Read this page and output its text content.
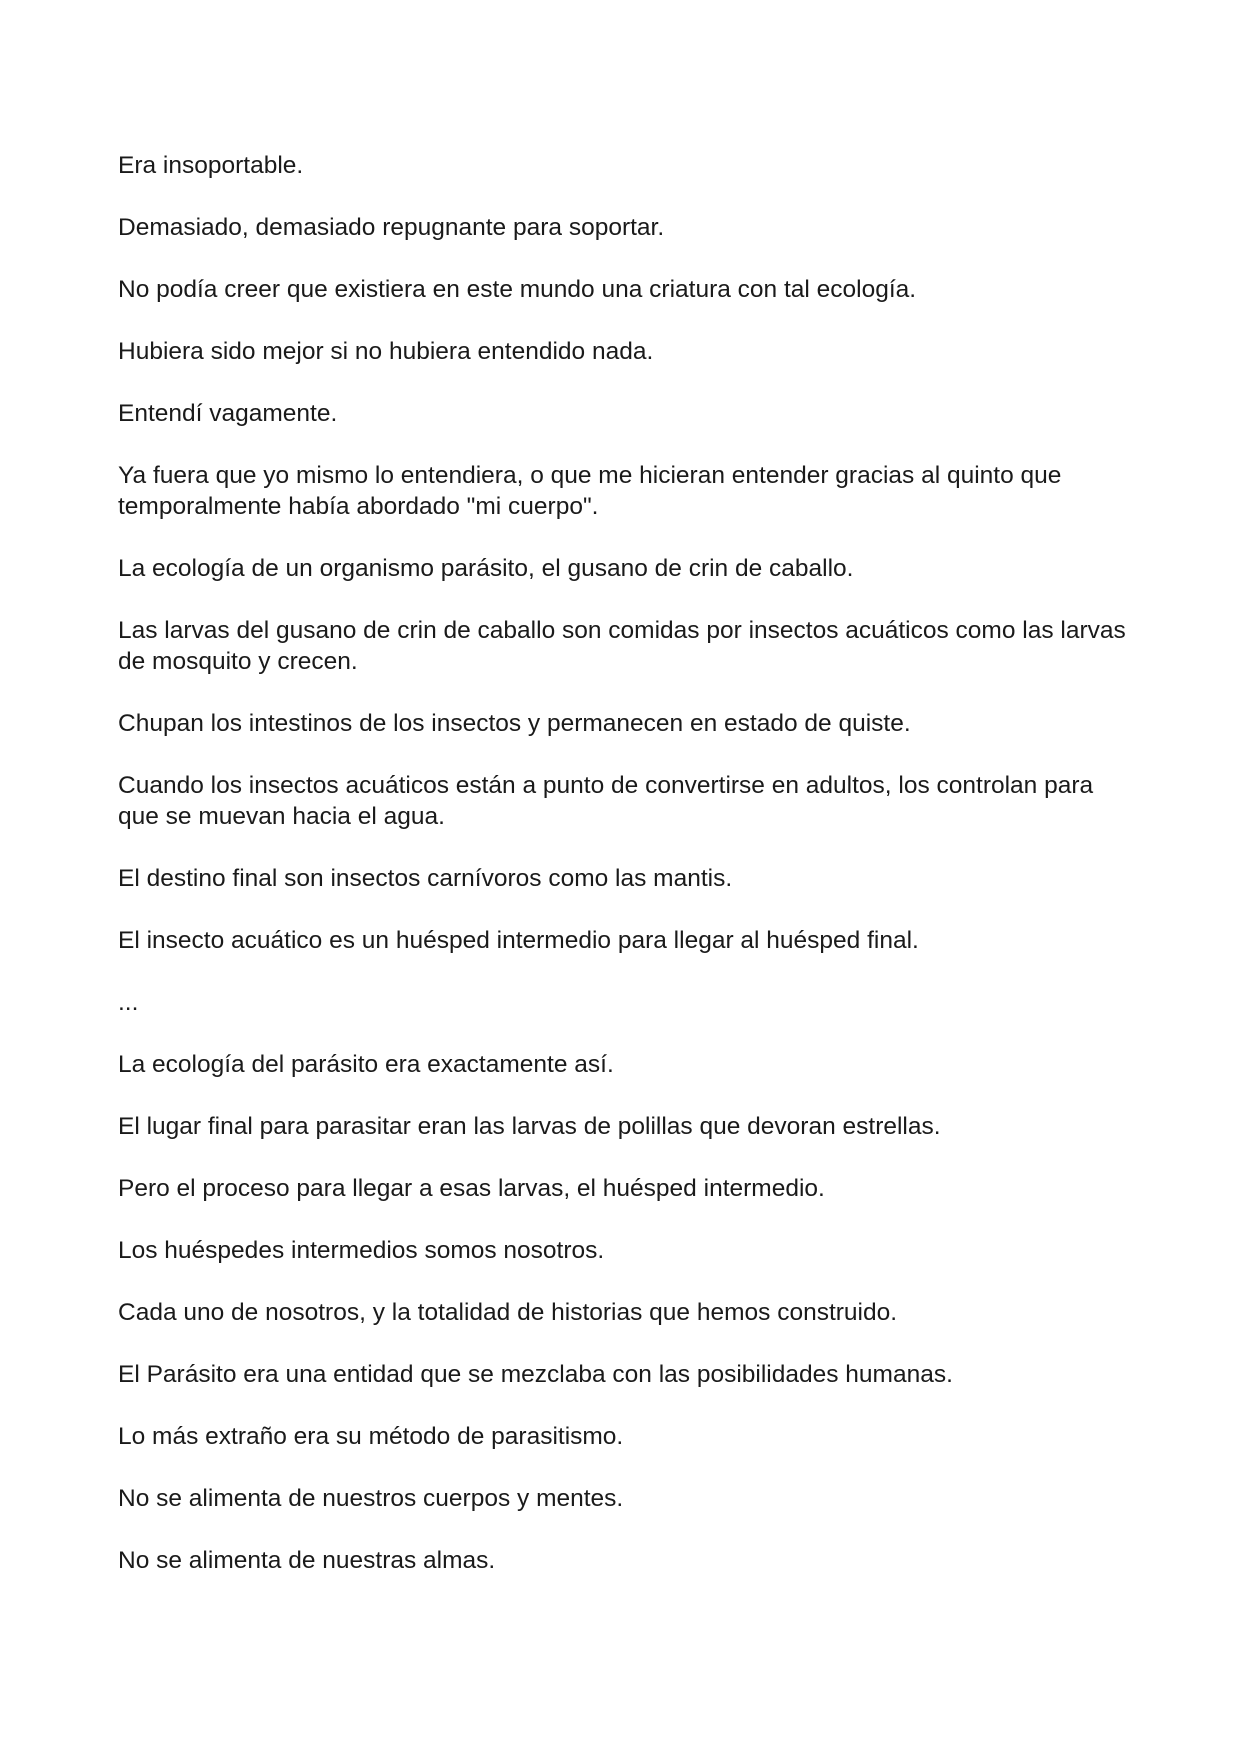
Era insoportable.

Demasiado, demasiado repugnante para soportar.

No podía creer que existiera en este mundo una criatura con tal ecología.

Hubiera sido mejor si no hubiera entendido nada.

Entendí vagamente.

Ya fuera que yo mismo lo entendiera, o que me hicieran entender gracias al quinto que temporalmente había abordado "mi cuerpo".

La ecología de un organismo parásito, el gusano de crin de caballo.

Las larvas del gusano de crin de caballo son comidas por insectos acuáticos como las larvas de mosquito y crecen.

Chupan los intestinos de los insectos y permanecen en estado de quiste.

Cuando los insectos acuáticos están a punto de convertirse en adultos, los controlan para que se muevan hacia el agua.

El destino final son insectos carnívoros como las mantis.

El insecto acuático es un huésped intermedio para llegar al huésped final.

...

La ecología del parásito era exactamente así.

El lugar final para parasitar eran las larvas de polillas que devoran estrellas.

Pero el proceso para llegar a esas larvas, el huésped intermedio.

Los huéspedes intermedios somos nosotros.

Cada uno de nosotros, y la totalidad de historias que hemos construido.

El Parásito era una entidad que se mezclaba con las posibilidades humanas.

Lo más extraño era su método de parasitismo.

No se alimenta de nuestros cuerpos y mentes.

No se alimenta de nuestras almas.
